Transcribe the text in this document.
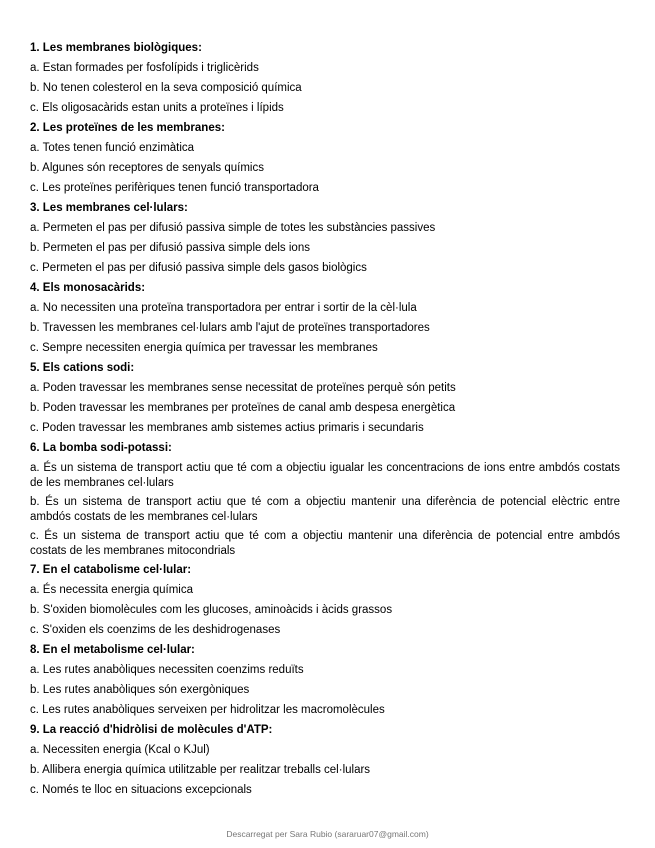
1. Les membranes biològiques:
a. Estan formades per fosfolípids i triglicèrids
b. No tenen colesterol en la seva composició química
c. Els oligosacàrids estan units a proteïnes i lípids
2. Les proteïnes de les membranes:
a. Totes tenen funció enzimàtica
b. Algunes són receptores de senyals químics
c. Les proteïnes perifèriques tenen funció transportadora
3. Les membranes cel·lulars:
a. Permeten el pas per difusió passiva simple de totes les substàncies passives
b. Permeten el pas per difusió passiva simple dels ions
c. Permeten el pas per difusió passiva simple dels gasos biològics
4. Els monosacàrids:
a. No necessiten una proteïna transportadora per entrar i sortir de la cèl·lula
b. Travessen les membranes cel·lulars amb l'ajut de proteïnes transportadores
c. Sempre necessiten energia química per travessar les membranes
5. Els cations sodi:
a. Poden travessar les membranes sense necessitat de proteïnes perquè són petits
b. Poden travessar les membranes per proteïnes de canal amb despesa energètica
c. Poden travessar les membranes amb sistemes actius primaris i secundaris
6. La bomba sodi-potassi:
a. És un sistema de transport actiu que té com a objectiu igualar les concentracions de ions entre ambdós costats de les membranes cel·lulars
b. És un sistema de transport actiu que té com a objectiu mantenir una diferència de potencial elèctric entre ambdós costats de les membranes cel·lulars
c. És un sistema de transport actiu que té com a objectiu mantenir una diferència de potencial entre ambdós costats de les membranes mitocondrials
7. En el catabolisme cel·lular:
a. És necessita energia química
b. S'oxiden biomolècules com les glucoses, aminoàcids i àcids grassos
c. S'oxiden els coenzims de les deshidrogenases
8. En el metabolisme cel·lular:
a. Les rutes anabòliques necessiten coenzims reduïts
b. Les rutes anabòliques són exergòniques
c. Les rutes anabòliques serveixen per hidrolitzar les macromolècules
9. La reacció d'hidròlisi de molècules d'ATP:
a. Necessiten energia (Kcal o KJul)
b. Allibera energia química utilitzable per realitzar treballs cel·lulars
c. Només te lloc en situacions excepcionals
Descarregat per Sara Rubio (sararuar07@gmail.com)
